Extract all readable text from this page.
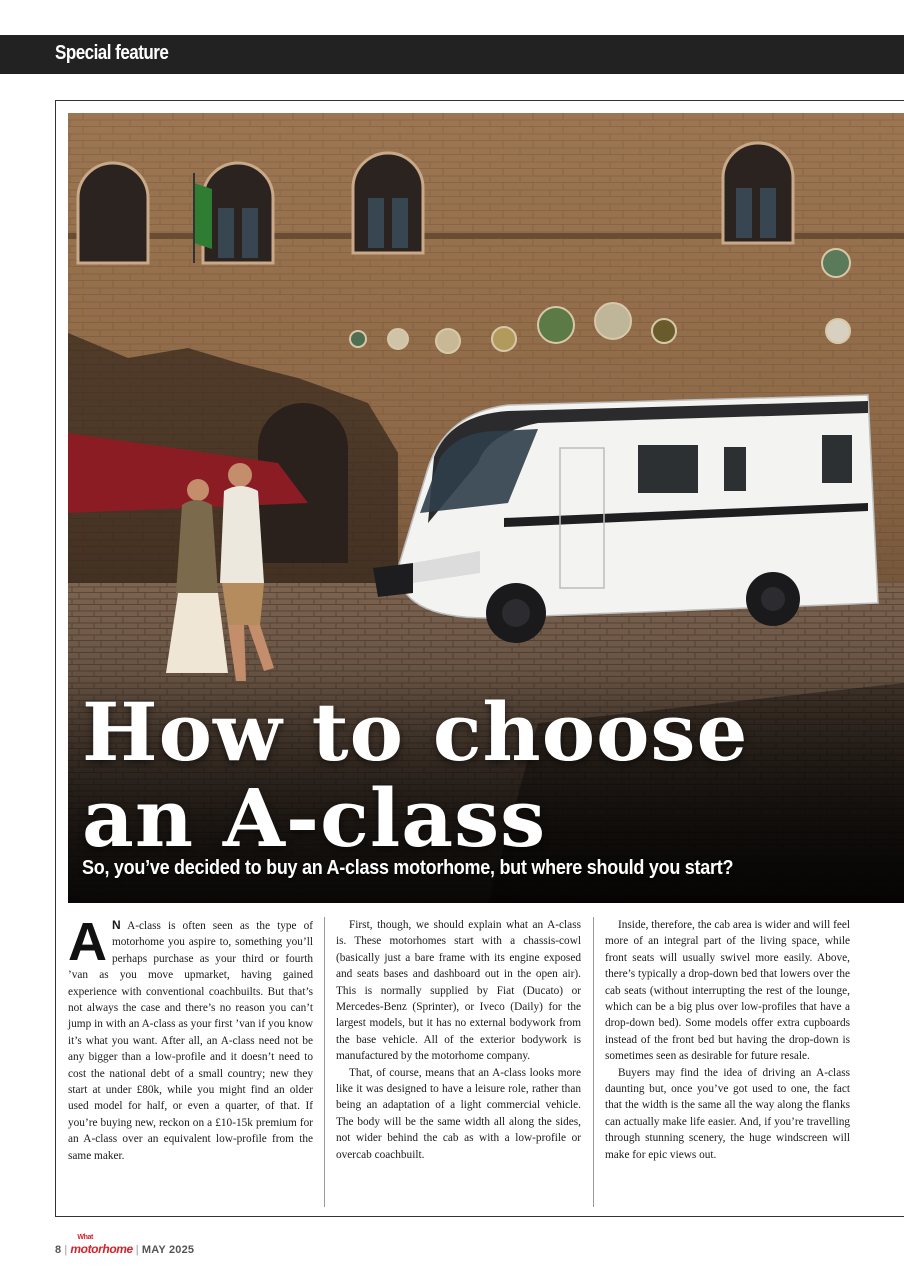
Special feature
How to choose
an A-class

So, you’ve decided to buy an A-class motorhome, but where should you start?

A N A-class is often seen as the type of motorhome you aspire to, something you’ll perhaps purchase as your third or fourth ’van as you move upmarket, having gained experience with conventional coachbuilts. But that’s not always the case and there’s no reason you can’t jump in with an A-class as your first ’van if you know it’s what you want. After all, an A-class need not be any bigger than a low-profile and it doesn’t need to cost the national debt of a small country; new they start at under £80k, while you might find an older used model for half, or even a quarter, of that. If you’re buying new, reckon on a £10-15k premium for an A-class over an equivalent low-profile from the same maker.

First, though, we should explain what an A-class is. These motorhomes start with a chassis-cowl (basically just a bare frame with its engine exposed and seats bases and dashboard out in the open air). This is normally supplied by Fiat (Ducato) or Mercedes-Benz (Sprinter), or Iveco (Daily) for the largest models, but it has no external bodywork from the base vehicle. All of the exterior bodywork is manufactured by the motorhome company.

That, of course, means that an A-class looks more like it was designed to have a leisure role, rather than being an adaptation of a light commercial vehicle. The body will be the same width all along the sides, not wider behind the cab as with a low-profile or overcab coachbuilt.

Inside, therefore, the cab area is wider and will feel more of an integral part of the living space, while front seats will usually swivel more easily. Above, there’s typically a drop-down bed that lowers over the cab seats (without interrupting the rest of the lounge, which can be a big plus over low-profiles that have a drop-down bed). Some models offer extra cupboards instead of the front bed but having the drop-down is sometimes seen as desirable for future resale.

Buyers may find the idea of driving an A-class daunting but, once you’ve got used to one, the fact that the width is the same all the way along the flanks can actually make life easier. And, if you’re travelling through stunning scenery, the huge windscreen will make for epic views out.

8 |
What
motorhome | MAY 2025
